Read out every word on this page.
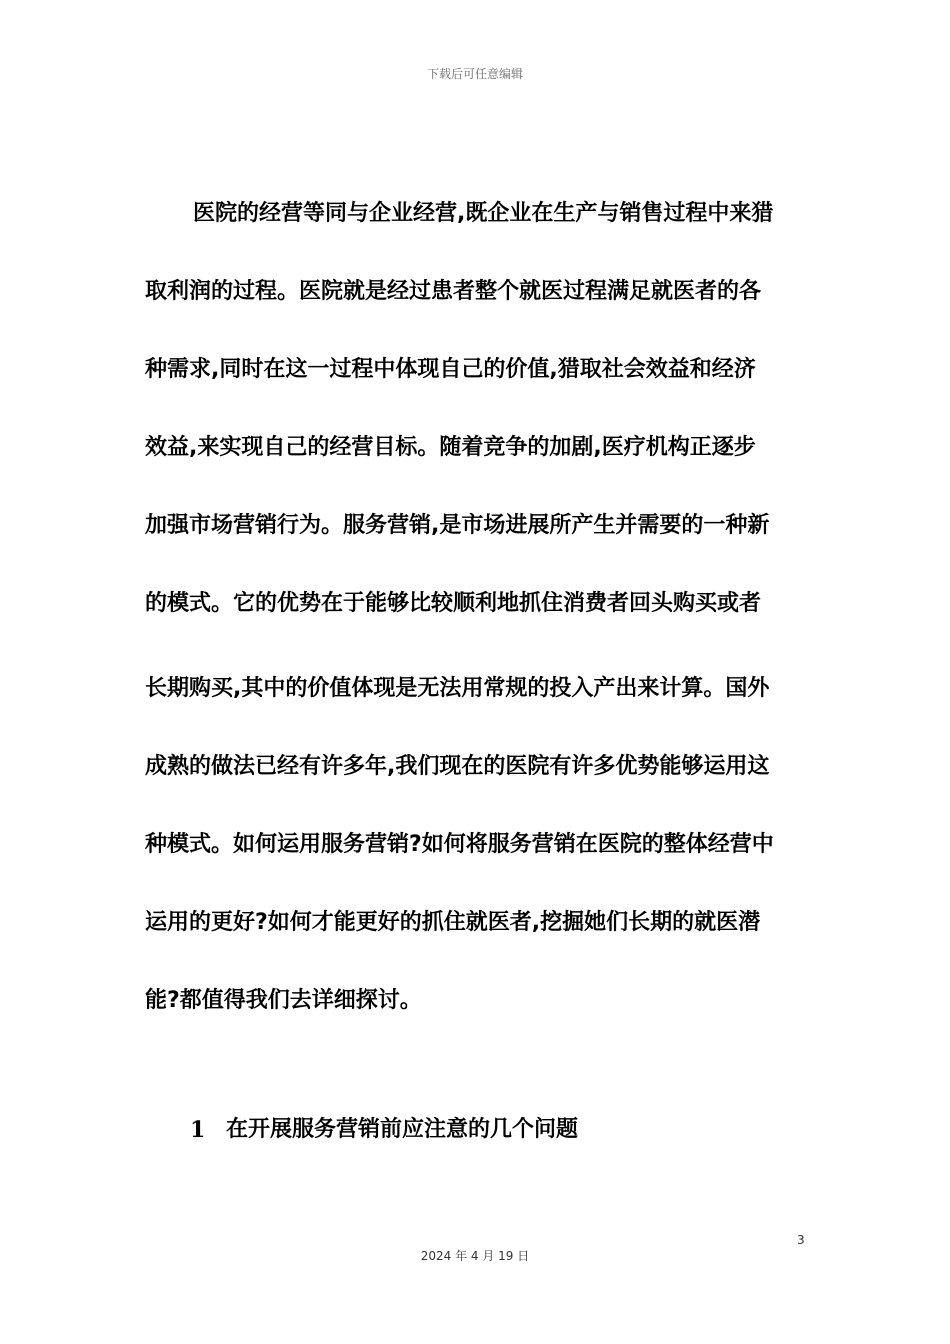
下载后可任意编辑
医院的经营等同与企业经营,既企业在生产与销售过程中来猎
取利润的过程。医院就是经过患者整个就医过程满足就医者的各
种需求,同时在这一过程中体现自己的价值,猎取社会效益和经济
效益,来实现自己的经营目标。随着竞争的加剧,医疗机构正逐步
加强市场营销行为。服务营销,是市场进展所产生并需要的一种新
的模式。它的优势在于能够比较顺利地抓住消费者回头购买或者
长期购买,其中的价值体现是无法用常规的投入产出来计算。国外
成熟的做法已经有许多年,我们现在的医院有许多优势能够运用这
种模式。如何运用服务营销?如何将服务营销在医院的整体经营中
运用的更好?如何才能更好的抓住就医者,挖掘她们长期的就医潜
能?都值得我们去详细探讨。
1 在开展服务营销前应注意的几个问题
3
2024 年 4 月 19 日
